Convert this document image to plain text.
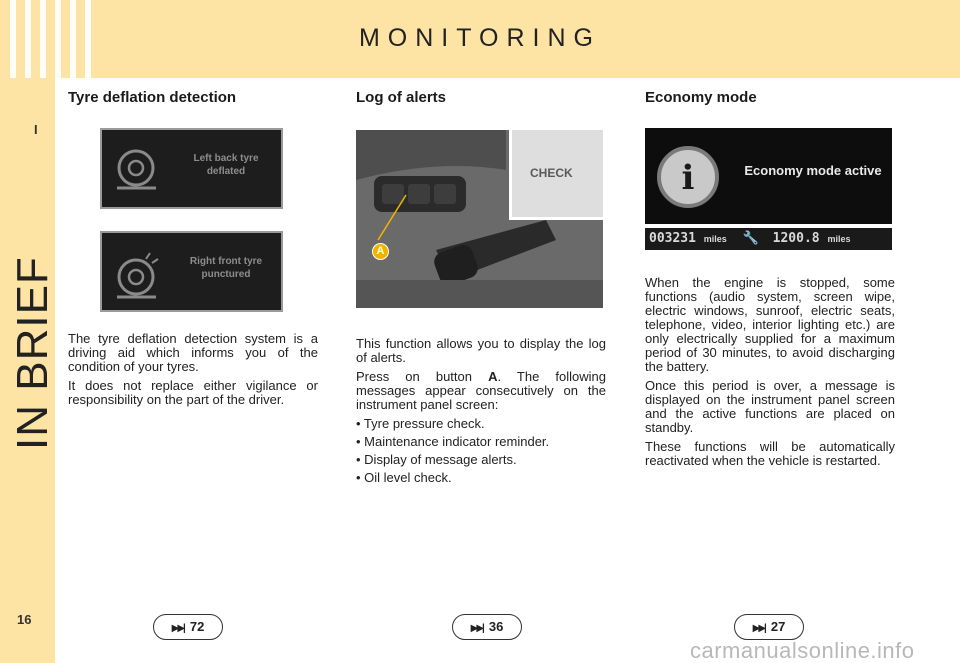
MONITORING
I
IN BRIEF
16
Tyre deflation detection

The tyre deflation detection system is a driving aid which informs you of the condition of your tyres.

It does not replace either vigilance or responsibility on the part of the driver.

Left back tyre deflated
Right front tyre punctured
Log of alerts

This function allows you to display the log of alerts.

Press on button A. The following messages appear consecutively on the instrument panel screen:

• Tyre pressure check.

• Maintenance indicator reminder.

• Display of message alerts.

• Oil level check.

CHECK
A
Economy mode

When the engine is stopped, some functions (audio system, screen wipe, electric windows, sunroof, electric seats, telephone, video, interior lighting etc.) are only electrically supplied for a maximum period of 30 minutes, to avoid discharging the battery.

Once this period is over, a message is displayed on the instrument panel screen and the active functions are placed on standby.

These functions will be automatically reactivated when the vehicle is restarted.

i	Economy mode active
003231 miles 🔧 1200.8 miles
▶▶| 72	▶▶| 36	▶▶| 27
carmanualsonline.info
